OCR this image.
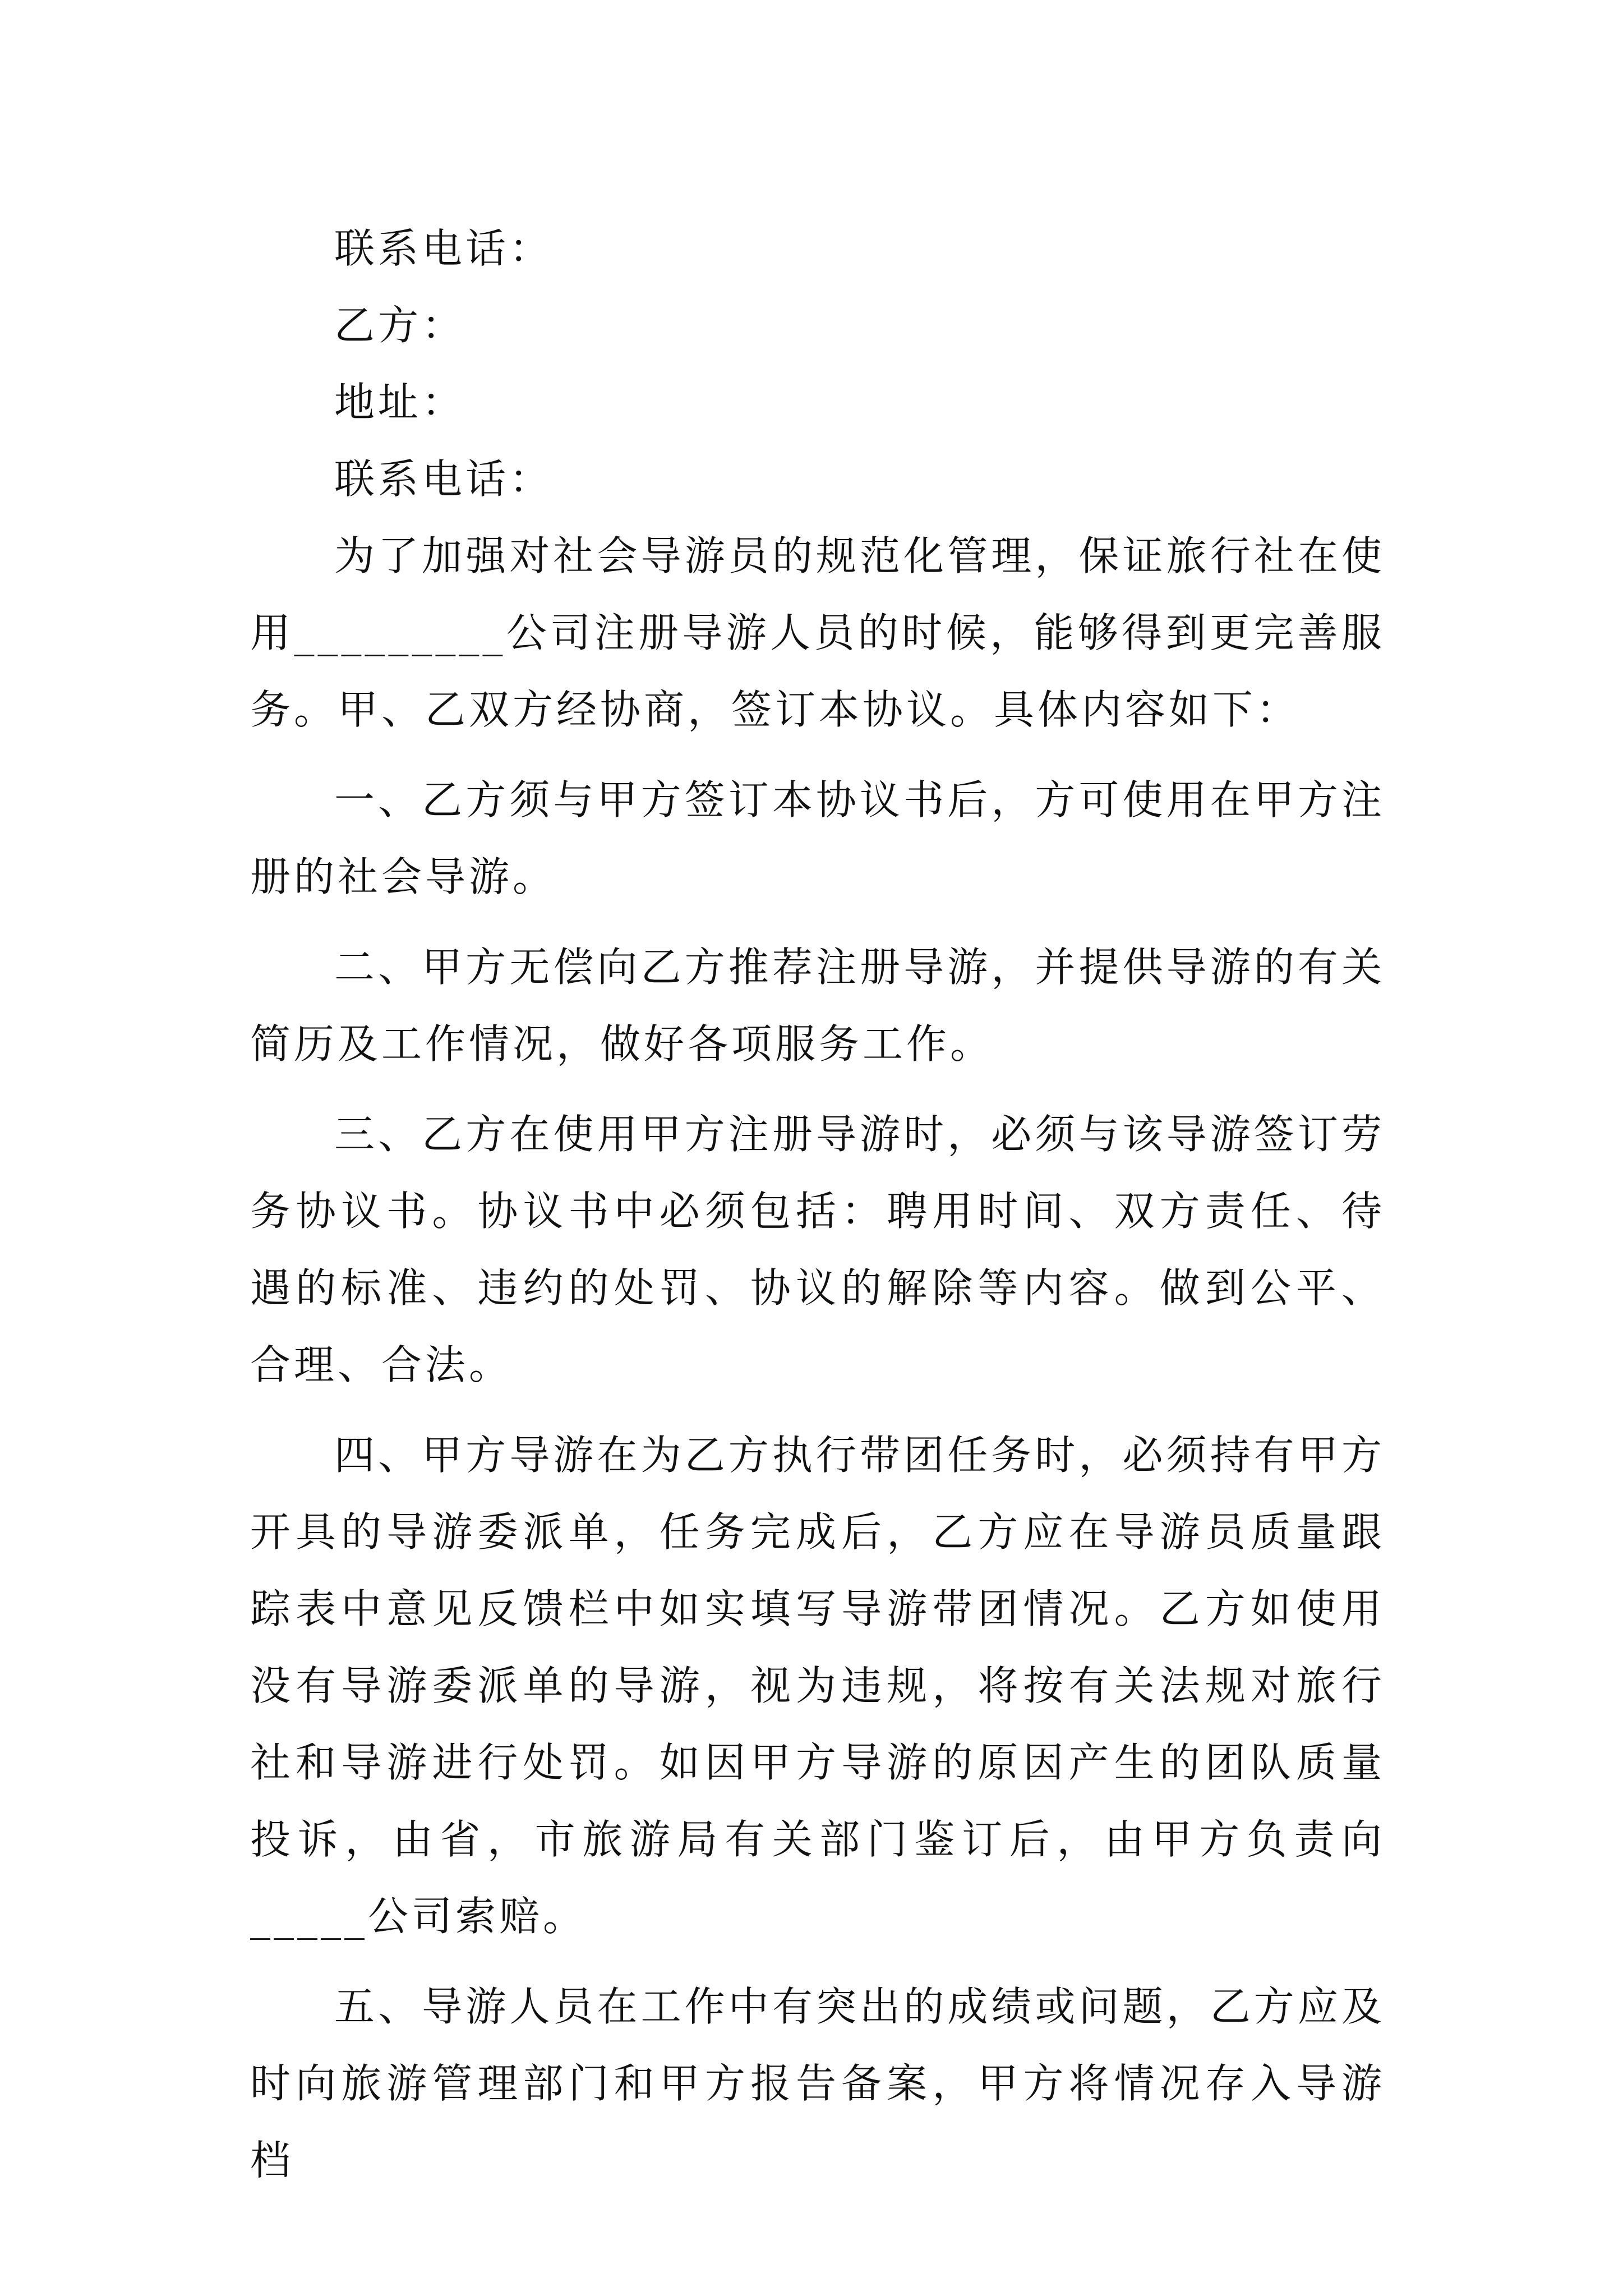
联系电话：
乙方：
地址：
联系电话：

为了加强对社会导游员的规范化管理，保证旅行社在使用_________公司注册导游人员的时候，能够得到更完善服务。甲、乙双方经协商，签订本协议。具体内容如下：

一、乙方须与甲方签订本协议书后，方可使用在甲方注册的社会导游。

二、甲方无偿向乙方推荐注册导游，并提供导游的有关简历及工作情况，做好各项服务工作。

三、乙方在使用甲方注册导游时，必须与该导游签订劳务协议书。协议书中必须包括：聘用时间、双方责任、待遇的标准、违约的处罚、协议的解除等内容。做到公平、合理、合法。

四、甲方导游在为乙方执行带团任务时，必须持有甲方开具的导游委派单，任务完成后，乙方应在导游员质量跟踪表中意见反馈栏中如实填写导游带团情况。乙方如使用没有导游委派单的导游，视为违规，将按有关法规对旅行社和导游进行处罚。如因甲方导游的原因产生的团队质量投诉，由省，市旅游局有关部门鉴订后，由甲方负责向_____公司索赔。

五、导游人员在工作中有突出的成绩或问题，乙方应及时向旅游管理部门和甲方报告备案，甲方将情况存入导游档
